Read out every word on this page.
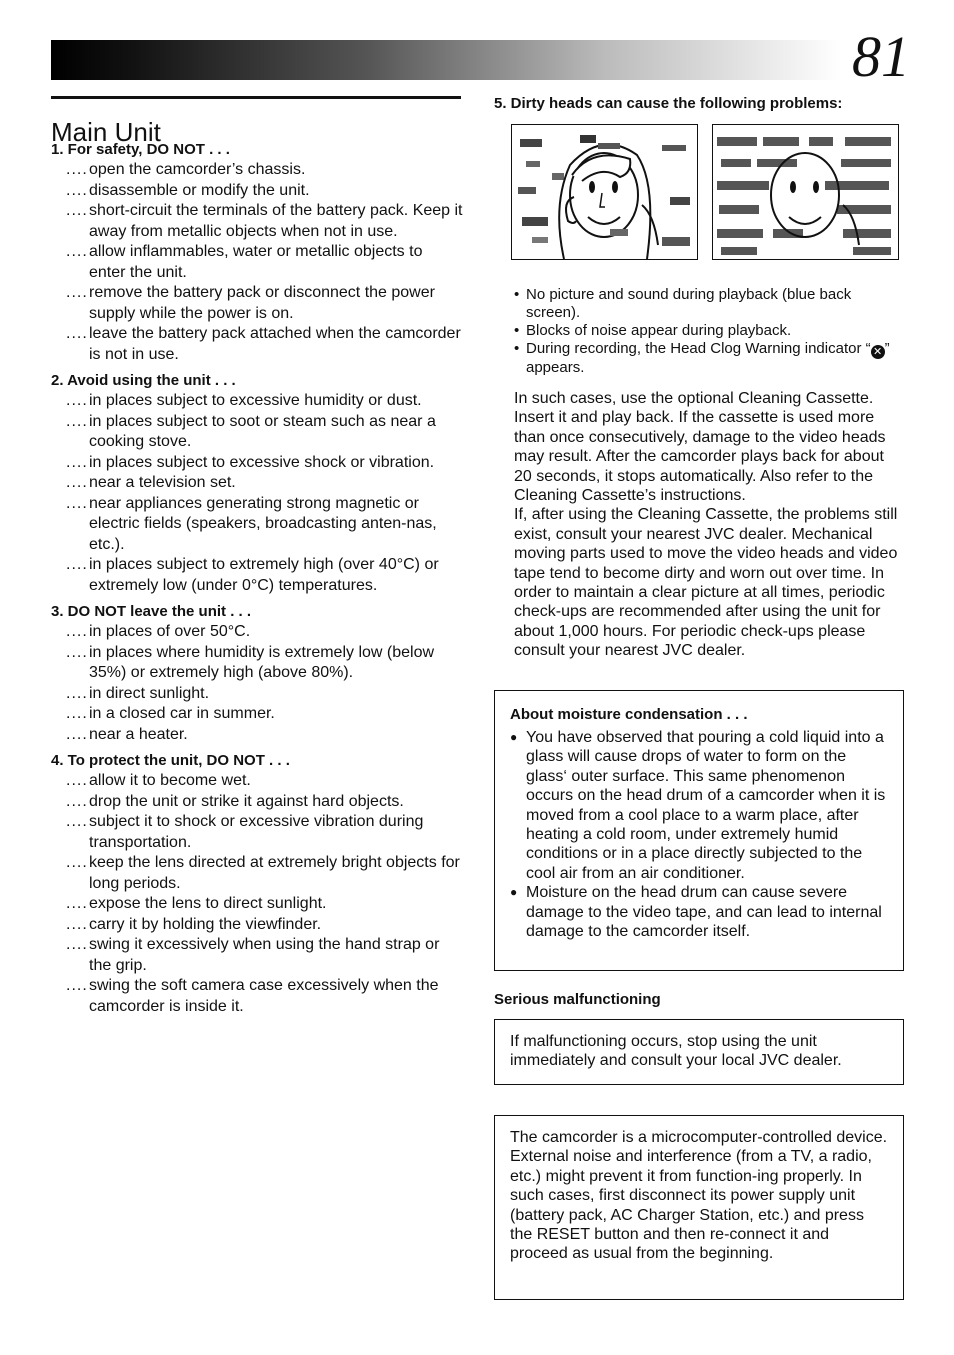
81
Main Unit
1. For safety, DO NOT . . .
.... open the camcorder’s chassis.
.... disassemble or modify the unit.
.... short-circuit the terminals of the battery pack. Keep it away from metallic objects when not in use.
.... allow inflammables, water or metallic objects to enter the unit.
.... remove the battery pack or disconnect the power supply while the power is on.
.... leave the battery pack attached when the camcorder is not in use.
2. Avoid using the unit . . .
.... in places subject to excessive humidity or dust.
.... in places subject to soot or steam such as near a cooking stove.
.... in places subject to excessive shock or vibration.
.... near a television set.
.... near appliances generating strong magnetic or electric fields (speakers, broadcasting anten-nas, etc.).
.... in places subject to extremely high (over 40°C) or extremely low (under 0°C) temperatures.
3. DO NOT leave the unit . . .
.... in places of over 50°C.
.... in places where humidity is extremely low (below 35%) or extremely high (above 80%).
.... in direct sunlight.
.... in a closed car in summer.
.... near a heater.
4. To protect the unit, DO NOT . . .
.... allow it to become wet.
.... drop the unit or strike it against hard objects.
.... subject it to shock or excessive vibration during transportation.
.... keep the lens directed at extremely bright objects for long periods.
.... expose the lens to direct sunlight.
.... carry it by holding the viewfinder.
.... swing it excessively when using the hand strap or the grip.
.... swing the soft camera case excessively when the camcorder is inside it.
5. Dirty heads can cause the following problems:
• No picture and sound during playback (blue back screen).
• Blocks of noise appear during playback.
• During recording, the Head Clog Warning indicator “ ✕ ” appears.
In such cases, use the optional Cleaning Cassette. Insert it and play back. If the cassette is used more than once consecutively, damage to the video heads may result. After the camcorder plays back for about 20 seconds, it stops automatically. Also refer to the Cleaning Cassette’s instructions.
If, after using the Cleaning Cassette, the problems still exist, consult your nearest JVC dealer. Mechanical moving parts used to move the video heads and video tape tend to become dirty and worn out over time. In order to maintain a clear picture at all times, periodic check-ups are recommended after using the unit for about 1,000 hours. For periodic check-ups please consult your nearest JVC dealer.
About moisture condensation . . .
● You have observed that pouring a cold liquid into a glass will cause drops of water to form on the glass‘ outer surface. This same phenomenon occurs on the head drum of a camcorder when it is moved from a cool place to a warm place, after heating a cold room, under extremely humid conditions or in a place directly subjected to the cool air from an air conditioner.
● Moisture on the head drum can cause severe damage to the video tape, and can lead to internal damage to the camcorder itself.
Serious malfunctioning
If malfunctioning occurs, stop using the unit immediately and consult your local JVC dealer.
The camcorder is a microcomputer-controlled device. External noise and interference (from a TV, a radio, etc.) might prevent it from function-ing properly. In such cases, first disconnect its power supply unit (battery pack, AC Charger Station, etc.) and press the RESET button and then re-connect it and proceed as usual from the beginning.
